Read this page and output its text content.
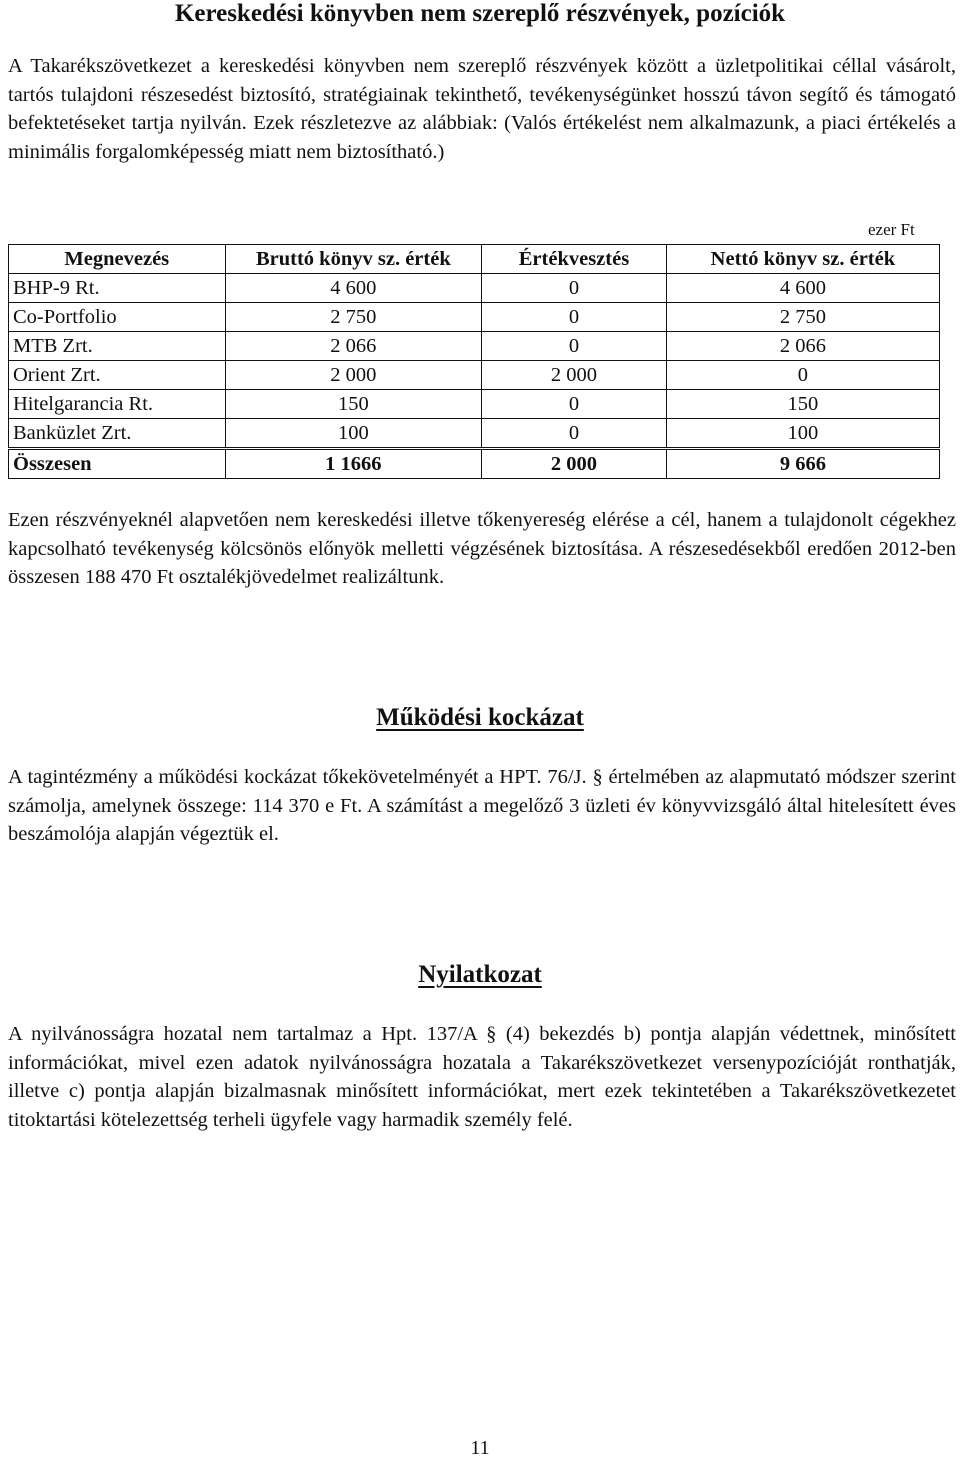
Kereskedési könyvben nem szereplő részvények, pozíciók

A Takarékszövetkezet a kereskedési könyvben nem szereplő részvények között a üzletpolitikai céllal vásárolt, tartós tulajdoni részesedést biztosító, stratégiainak tekinthető, tevékenységünket hosszú távon segítő és támogató befektetéseket tartja nyilván. Ezek részletezve az alábbiak: (Valós értékelést nem alkalmazunk, a piaci értékelés a minimális forgalomképesség miatt nem biztosítható.)

ezer Ft
Megnevezés	Bruttó könyv sz. érték	Értékvesztés	Nettó könyv sz. érték
BHP-9 Rt.	4 600	0	4 600
Co-Portfolio	2 750	0	2 750
MTB Zrt.	2 066	0	2 066
Orient Zrt.	2 000	2 000	0
Hitelgarancia Rt.	150	0	150
Banküzlet Zrt.	100	0	100
Összesen	1 1666	2 000	9 666

Ezen részvényeknél alapvetően nem kereskedési illetve tőkenyereség elérése a cél, hanem a tulajdonolt cégekhez kapcsolható tevékenység kölcsönös előnyök melletti végzésének biztosítása. A részesedésekből eredően 2012-ben összesen 188 470 Ft osztalékjövedelmet realizáltunk.

Működési kockázat

A tagintézmény a működési kockázat tőkekövetelményét a HPT. 76/J. § értelmében az alapmutató módszer szerint számolja, amelynek összege: 114 370 e Ft. A számítást a megelőző 3 üzleti év könyvvizsgáló által hitelesített éves beszámolója alapján végeztük el.

Nyilatkozat

A nyilvánosságra hozatal nem tartalmaz a Hpt. 137/A § (4) bekezdés b) pontja alapján védettnek, minősített információkat, mivel ezen adatok nyilvánosságra hozatala a Takarékszövetkezet versenypozícióját ronthatják, illetve c) pontja alapján bizalmasnak minősített információkat, mert ezek tekintetében a Takarékszövetkezetet titoktartási kötelezettség terheli ügyfele vagy harmadik személy felé.

11
